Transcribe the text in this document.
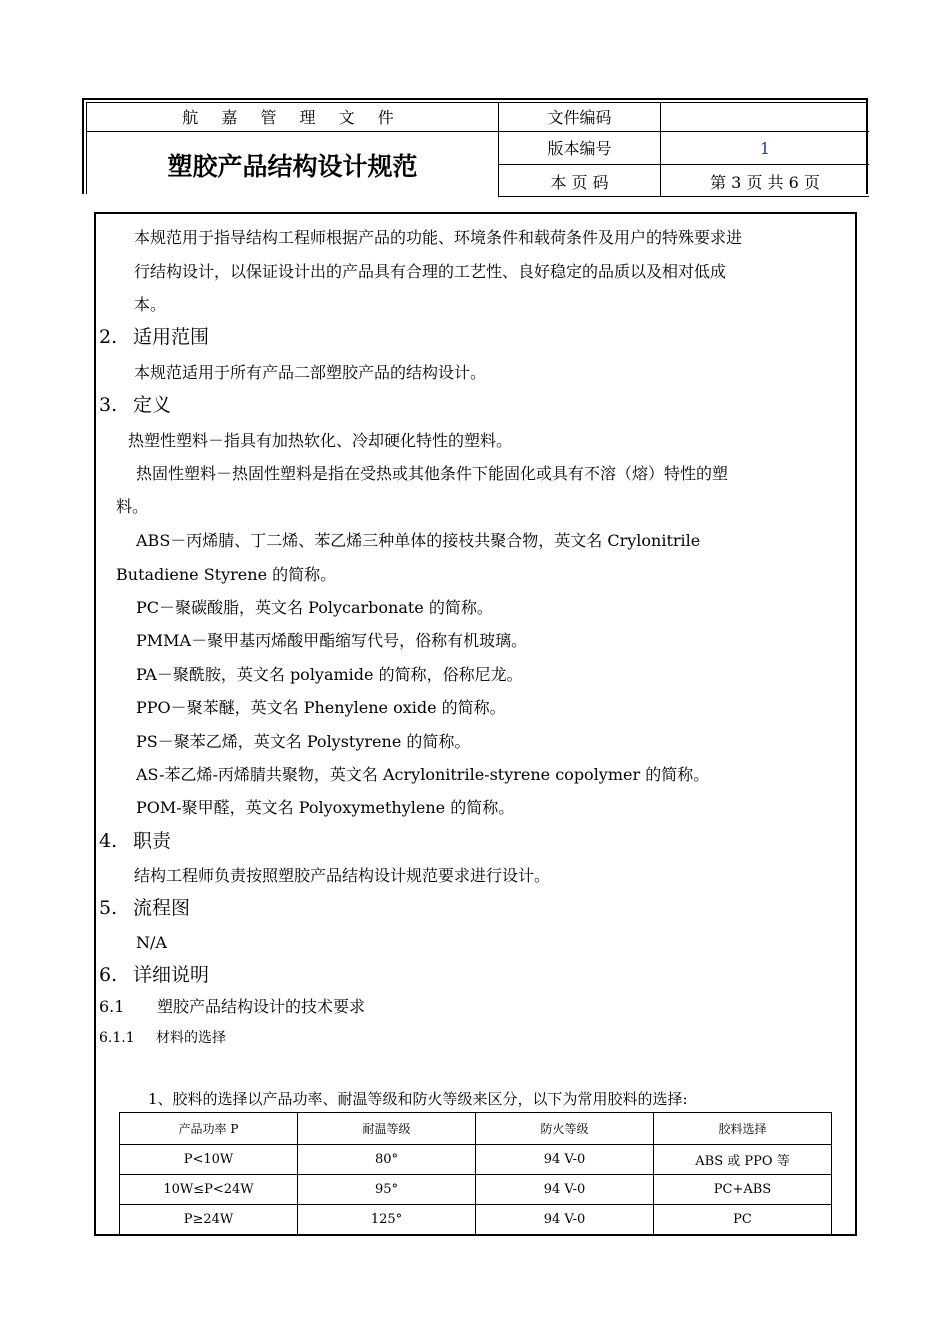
航 嘉 管 理 文 件
塑胶产品结构设计规范
文件编码
版本编号	1
本 页 码	第 3 页 共 6 页
本规范用于指导结构工程师根据产品的功能、环境条件和载荷条件及用户的特殊要求进
行结构设计，以保证设计出的产品具有合理的工艺性、良好稳定的品质以及相对低成
本。
2. 适用范围
本规范适用于所有产品二部塑胶产品的结构设计。
3. 定义
热塑性塑料－指具有加热软化、冷却硬化特性的塑料。
热固性塑料－热固性塑料是指在受热或其他条件下能固化或具有不溶（熔）特性的塑
料。
ABS－丙烯腈、丁二烯、苯乙烯三种单体的接枝共聚合物，英文名 Crylonitrile
Butadiene Styrene 的简称。
PC－聚碳酸脂，英文名 Polycarbonate 的简称。
PMMA－聚甲基丙烯酸甲酯缩写代号，俗称有机玻璃。
PA－聚酰胺，英文名 polyamide 的简称，俗称尼龙。
PPO－聚苯醚，英文名 Phenylene oxide 的简称。
PS－聚苯乙烯，英文名 Polystyrene 的简称。
AS-苯乙烯-丙烯腈共聚物，英文名 Acrylonitrile-styrene copolymer 的简称。
POM-聚甲醛，英文名 Polyoxymethylene 的简称。
4. 职责
结构工程师负责按照塑胶产品结构设计规范要求进行设计。
5. 流程图
N/A
6. 详细说明
6.1 塑胶产品结构设计的技术要求
6.1.1 材料的选择
1、胶料的选择以产品功率、耐温等级和防火等级来区分，以下为常用胶料的选择:
产品功率 P	耐温等级	防火等级	胶料选择
P<10W	80°	94 V-0	ABS 或 PPO 等
10W≤P<24W	95°	94 V-0	PC+ABS
P≥24W	125°	94 V-0	PC
